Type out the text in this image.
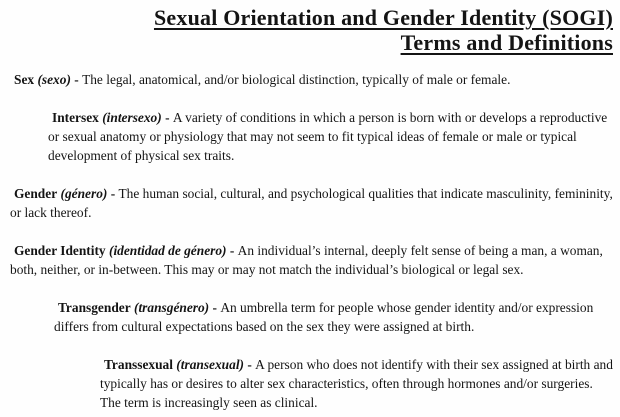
Sexual Orientation and Gender Identity (SOGI)
Terms and Definitions

Sex (sexo) - The legal, anatomical, and/or biological distinction, typically of male or female.

Intersex (intersexo) - A variety of conditions in which a person is born with or develops a reproductive or sexual anatomy or physiology that may not seem to fit typical ideas of female or male or typical development of physical sex traits.

Gender (género) - The human social, cultural, and psychological qualities that indicate masculinity, femininity, or lack thereof.

Gender Identity (identidad de género) - An individual’s internal, deeply felt sense of being a man, a woman, both, neither, or in-between. This may or may not match the individual’s biological or legal sex.

Transgender (transgénero) - An umbrella term for people whose gender identity and/or expression differs from cultural expectations based on the sex they were assigned at birth.

Transsexual (transexual) - A person who does not identify with their sex assigned at birth and typically has or desires to alter sex characteristics, often through hormones and/or surgeries. The term is increasingly seen as clinical.
